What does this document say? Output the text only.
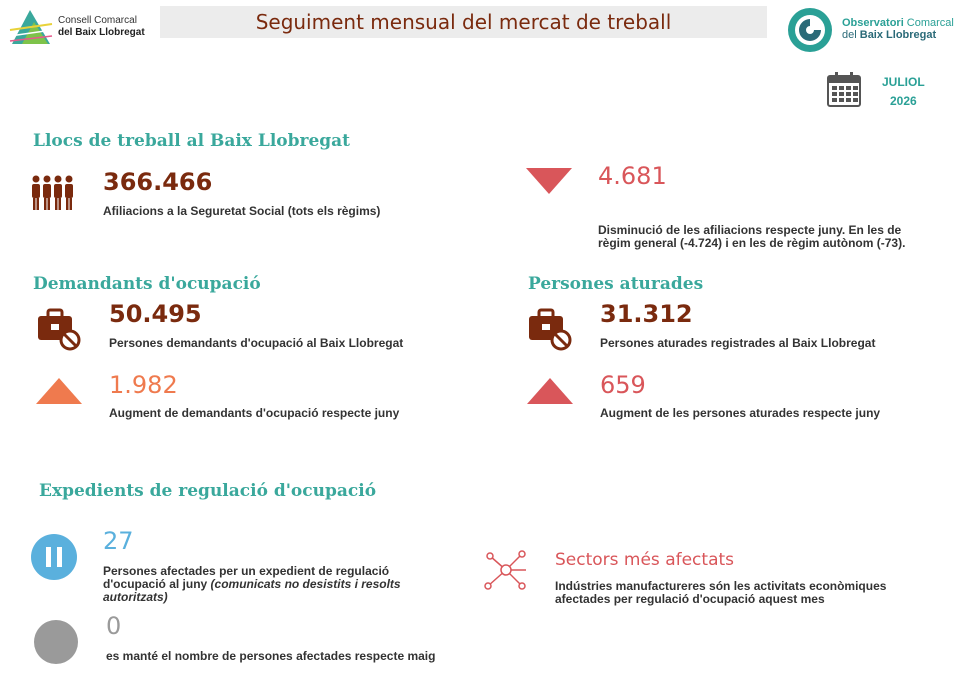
Consell Comarcal
del Baix Llobregat	Seguiment mensual del mercat de treball	Observatori Comarcal
del Baix Llobregat
JULIOL
2026
Llocs de treball al Baix Llobregat
366.466
Afiliacions a la Seguretat Social (tots els règims)
4.681
Disminució de les afiliacions respecte juny. En les de règim general (-4.724) i en les de règim autònom (-73).
Demandants d'ocupació
50.495
Persones demandants d'ocupació al Baix Llobregat
1.982
Augment de demandants d'ocupació respecte juny
Persones aturades
31.312
Persones aturades registrades al Baix Llobregat
659
Augment de les persones aturades respecte juny
Expedients de regulació d'ocupació
27
Persones afectades per un expedient de regulació d'ocupació al juny (comunicats no desistits i resolts autoritzats)
0
es manté el nombre de persones afectades respecte maig
Sectors més afectats
Indústries manufactureres són les activitats econòmiques afectades per regulació d'ocupació aquest mes
